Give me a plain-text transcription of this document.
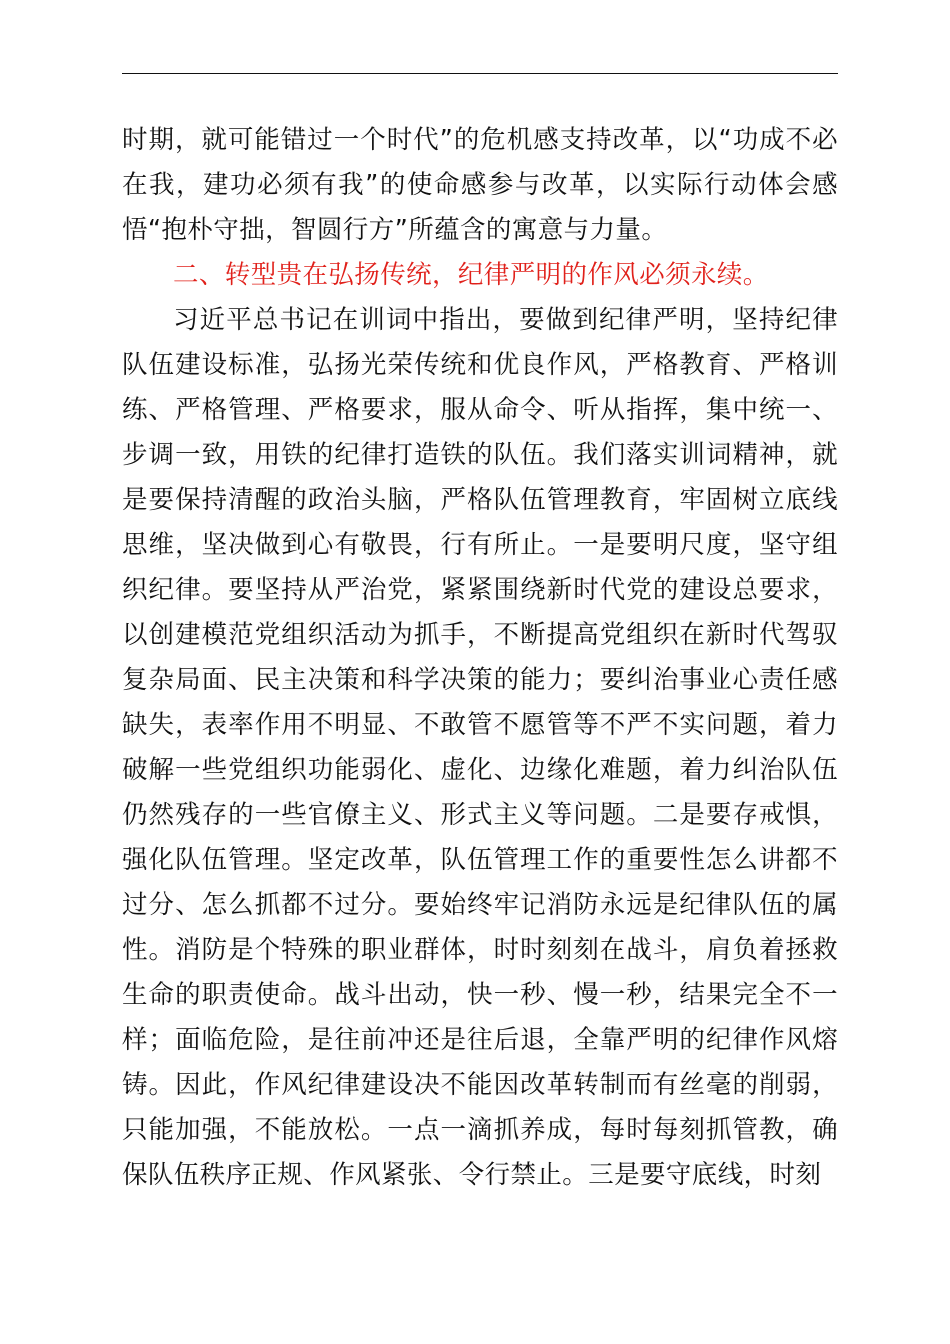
时期，就可能错过一个时代”的危机感支持改革，以“功成不必在我，建功必须有我”的使命感参与改革，以实际行动体会感悟“抱朴守拙，智圆行方”所蕴含的寓意与力量。

二、转型贵在弘扬传统，纪律严明的作风必须永续。

习近平总书记在训词中指出，要做到纪律严明，坚持纪律队伍建设标准，弘扬光荣传统和优良作风，严格教育、严格训练、严格管理、严格要求，服从命令、听从指挥，集中统一、步调一致，用铁的纪律打造铁的队伍。我们落实训词精神，就是要保持清醒的政治头脑，严格队伍管理教育，牢固树立底线思维，坚决做到心有敬畏，行有所止。一是要明尺度，坚守组织纪律。要坚持从严治党，紧紧围绕新时代党的建设总要求，以创建模范党组织活动为抓手，不断提高党组织在新时代驾驭复杂局面、民主决策和科学决策的能力；要纠治事业心责任感缺失，表率作用不明显、不敢管不愿管等不严不实问题，着力破解一些党组织功能弱化、虚化、边缘化难题，着力纠治队伍仍然残存的一些官僚主义、形式主义等问题。二是要存戒惧，强化队伍管理。坚定改革，队伍管理工作的重要性怎么讲都不过分、怎么抓都不过分。要始终牢记消防永远是纪律队伍的属性。消防是个特殊的职业群体，时时刻刻在战斗，肩负着拯救生命的职责使命。战斗出动，快一秒、慢一秒，结果完全不一样；面临危险，是往前冲还是往后退，全靠严明的纪律作风熔铸。因此，作风纪律建设决不能因改革转制而有丝毫的削弱，只能加强，不能放松。一点一滴抓养成，每时每刻抓管教，确保队伍秩序正规、作风紧张、令行禁止。三是要守底线，时刻
